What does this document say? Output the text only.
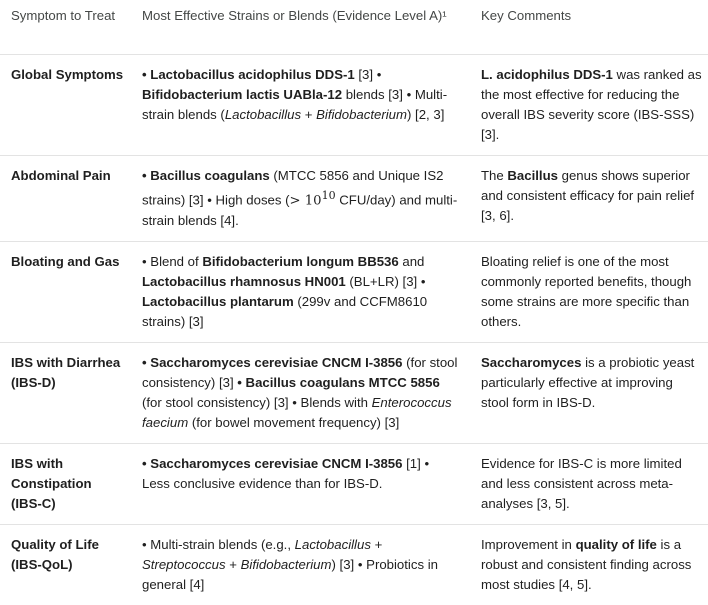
Symptom to Treat	Most Effective Strains or Blends (Evidence Level A)¹	Key Comments
Global Symptoms	• Lactobacillus acidophilus DDS-1 [3] • Bifidobacterium lactis UABla-12 blends [3] • Multi-strain blends (Lactobacillus + Bifidobacterium) [2, 3]	L. acidophilus DDS-1 was ranked as the most effective for reducing the overall IBS severity score (IBS-SSS) [3].
Abdominal Pain	• Bacillus coagulans (MTCC 5856 and Unique IS2 strains) [3] • High doses (> $10^{10}$ CFU/day) and multi-strain blends [4].	The Bacillus genus shows superior and consistent efficacy for pain relief [3, 6].
Bloating and Gas	• Blend of Bifidobacterium longum BB536 and Lactobacillus rhamnosus HN001 (BL+LR) [3] • Lactobacillus plantarum (299v and CCFM8610 strains) [3]	Bloating relief is one of the most commonly reported benefits, though some strains are more specific than others.
IBS with Diarrhea (IBS-D)	• Saccharomyces cerevisiae CNCM I-3856 (for stool consistency) [3] • Bacillus coagulans MTCC 5856 (for stool consistency) [3] • Blends with Enterococcus faecium (for bowel movement frequency) [3]	Saccharomyces is a probiotic yeast particularly effective at improving stool form in IBS-D.
IBS with Constipation (IBS-C)	• Saccharomyces cerevisiae CNCM I-3856 [1] • Less conclusive evidence than for IBS-D.	Evidence for IBS-C is more limited and less consistent across meta-analyses [3, 5].
Quality of Life (IBS-QoL)	• Multi-strain blends (e.g., Lactobacillus + Streptococcus + Bifidobacterium) [3] • Probiotics in general [4]	Improvement in quality of life is a robust and consistent finding across most studies [4, 5].
